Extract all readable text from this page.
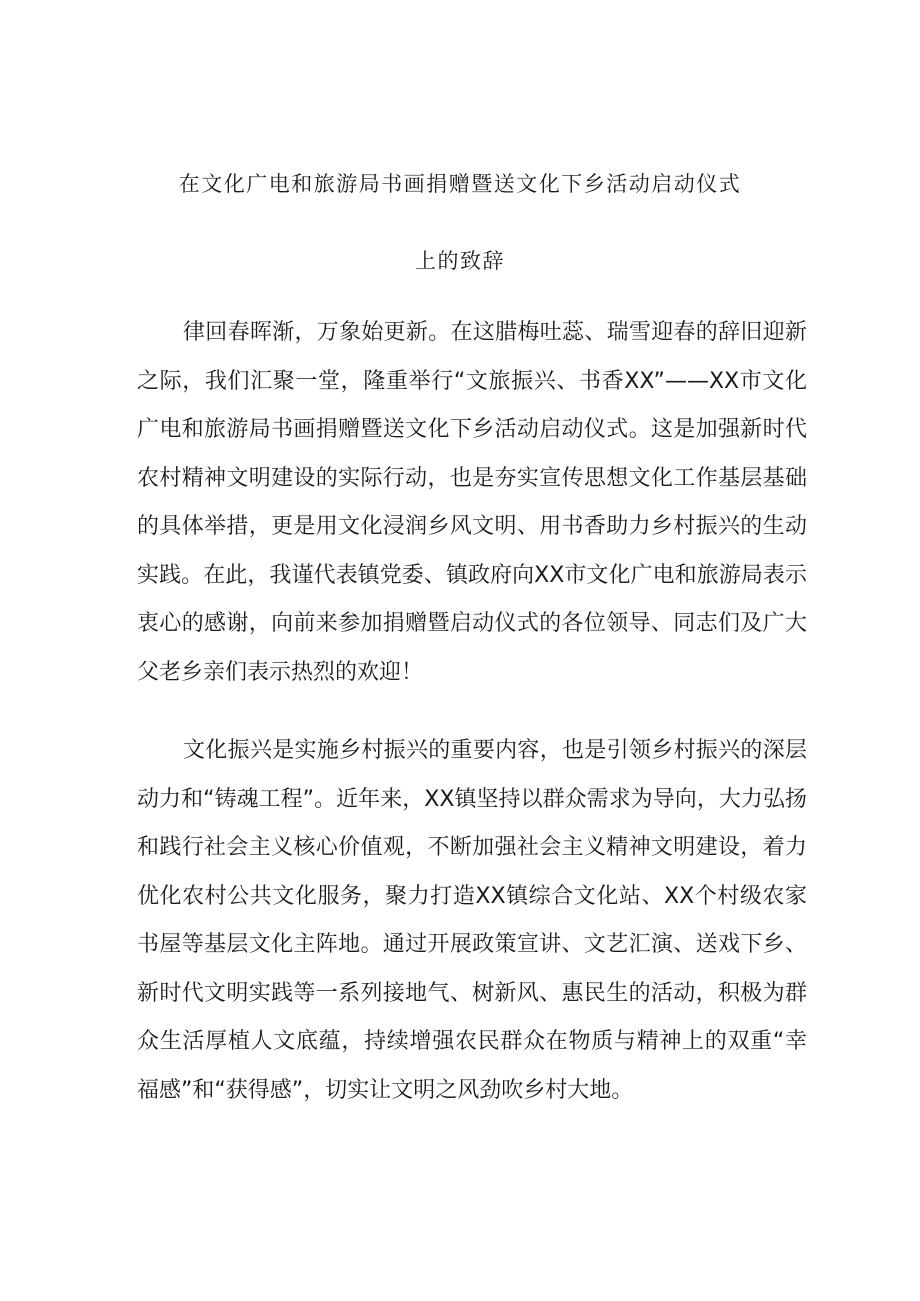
在文化广电和旅游局书画捐赠暨送文化下乡活动启动仪式
上的致辞

律回春晖渐，万象始更新。在这腊梅吐蕊、瑞雪迎春的辞旧迎新之际，我们汇聚一堂，隆重举行“文旅振兴、书香XX”——XX市文化广电和旅游局书画捐赠暨送文化下乡活动启动仪式。这是加强新时代农村精神文明建设的实际行动，也是夯实宣传思想文化工作基层基础的具体举措，更是用文化浸润乡风文明、用书香助力乡村振兴的生动实践。在此，我谨代表镇党委、镇政府向XX市文化广电和旅游局表示衷心的感谢，向前来参加捐赠暨启动仪式的各位领导、同志们及广大父老乡亲们表示热烈的欢迎！

文化振兴是实施乡村振兴的重要内容，也是引领乡村振兴的深层动力和“铸魂工程”。近年来，XX镇坚持以群众需求为导向，大力弘扬和践行社会主义核心价值观，不断加强社会主义精神文明建设，着力优化农村公共文化服务，聚力打造XX镇综合文化站、XX个村级农家书屋等基层文化主阵地。通过开展政策宣讲、文艺汇演、送戏下乡、新时代文明实践等一系列接地气、树新风、惠民生的活动，积极为群众生活厚植人文底蕴，持续增强农民群众在物质与精神上的双重“幸福感”和“获得感”，切实让文明之风劲吹乡村大地。
